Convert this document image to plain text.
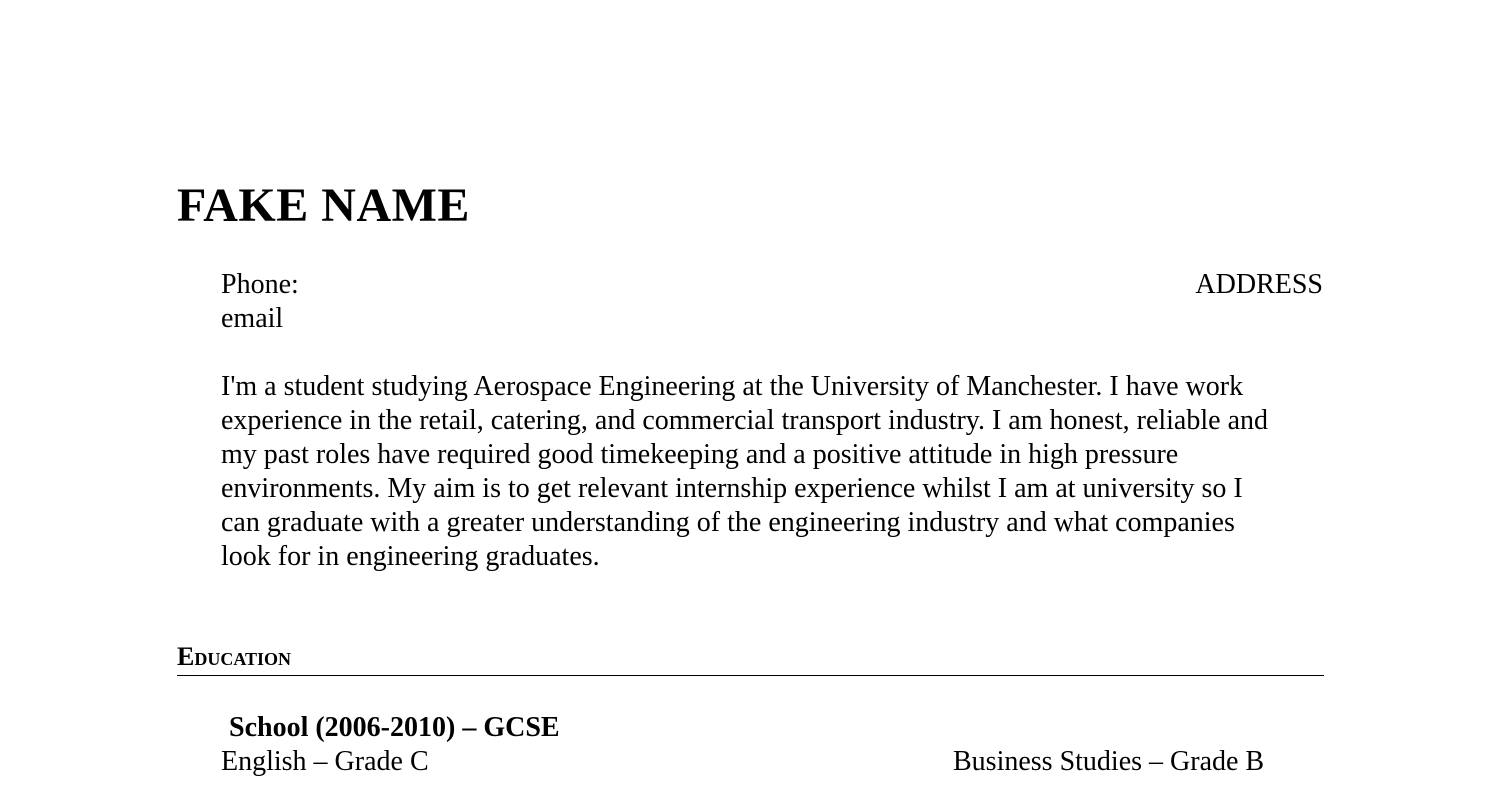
FAKE NAME
Phone:
email
ADDRESS
I'm a student studying Aerospace Engineering at the University of Manchester. I have work
experience in the retail, catering, and commercial transport industry. I am honest, reliable and
my past roles have required good timekeeping and a positive attitude in high pressure
environments. My aim is to get relevant internship experience whilst I am at university so I
can graduate with a greater understanding of the engineering industry and what companies
look for in engineering graduates.
Education
School (2006-2010) – GCSE
English – Grade C	Business Studies – Grade B
